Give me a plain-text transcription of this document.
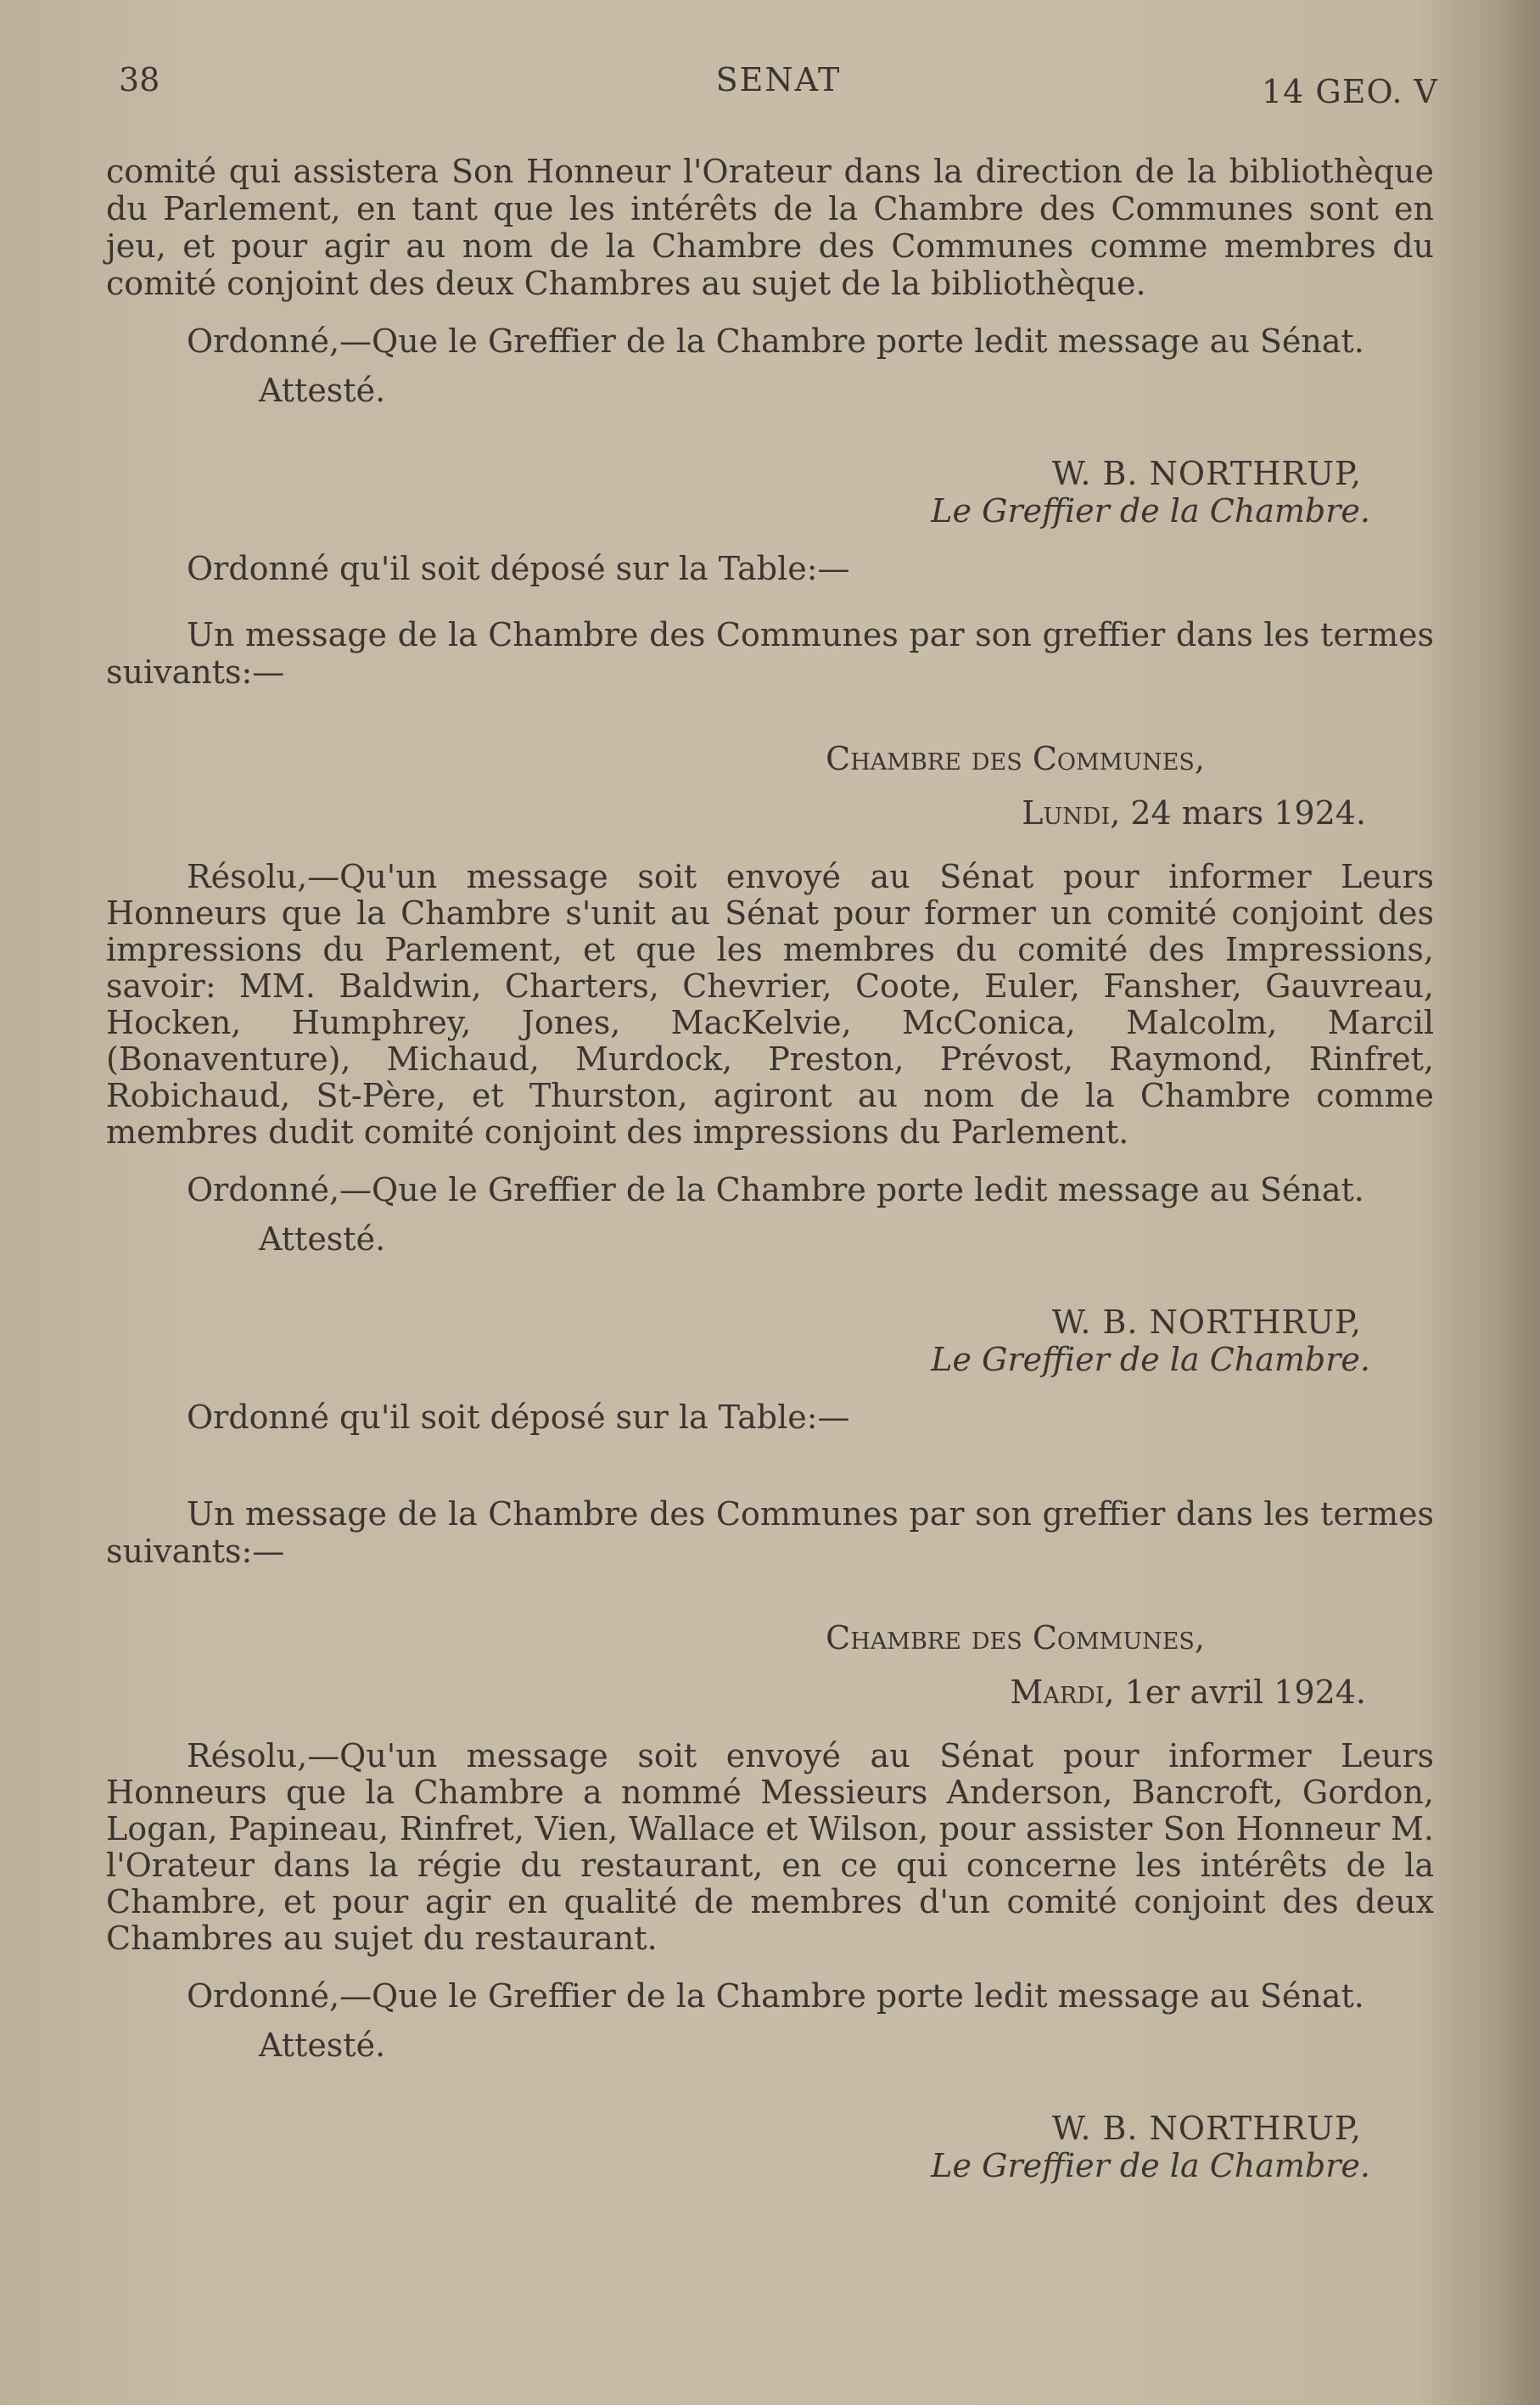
38	SENAT	14 GEO. V

comité qui assistera Son Honneur l'Orateur dans la direction de la bibliothèque du Parlement, en tant que les intérêts de la Chambre des Communes sont en jeu, et pour agir au nom de la Chambre des Communes comme membres du comité conjoint des deux Chambres au sujet de la bibliothèque.

Ordonné,—Que le Greffier de la Chambre porte ledit message au Sénat.

Attesté.

W. B. NORTHRUP,

Le Greffier de la Chambre.

Ordonné qu'il soit déposé sur la Table:—

Un message de la Chambre des Communes par son greffier dans les termes suivants:—

Chambre des Communes,

Lundi, 24 mars 1924.

Résolu,—Qu'un message soit envoyé au Sénat pour informer Leurs Honneurs que la Chambre s'unit au Sénat pour former un comité conjoint des impressions du Parlement, et que les membres du comité des Impressions, savoir: MM. Baldwin, Charters, Chevrier, Coote, Euler, Fansher, Gauvreau, Hocken, Humphrey, Jones, MacKelvie, McConica, Malcolm, Marcil (Bonaventure), Michaud, Murdock, Preston, Prévost, Raymond, Rinfret, Robichaud, St-Père, et Thurston, agiront au nom de la Chambre comme membres dudit comité conjoint des impressions du Parlement.

Ordonné,—Que le Greffier de la Chambre porte ledit message au Sénat.

Attesté.

W. B. NORTHRUP,

Le Greffier de la Chambre.

Ordonné qu'il soit déposé sur la Table:—

Un message de la Chambre des Communes par son greffier dans les termes suivants:—

Chambre des Communes,

Mardi, 1er avril 1924.

Résolu,—Qu'un message soit envoyé au Sénat pour informer Leurs Honneurs que la Chambre a nommé Messieurs Anderson, Bancroft, Gordon, Logan, Papineau, Rinfret, Vien, Wallace et Wilson, pour assister Son Honneur M. l'Orateur dans la régie du restaurant, en ce qui concerne les intérêts de la Chambre, et pour agir en qualité de membres d'un comité conjoint des deux Chambres au sujet du restaurant.

Ordonné,—Que le Greffier de la Chambre porte ledit message au Sénat.

Attesté.

W. B. NORTHRUP,

Le Greffier de la Chambre.
